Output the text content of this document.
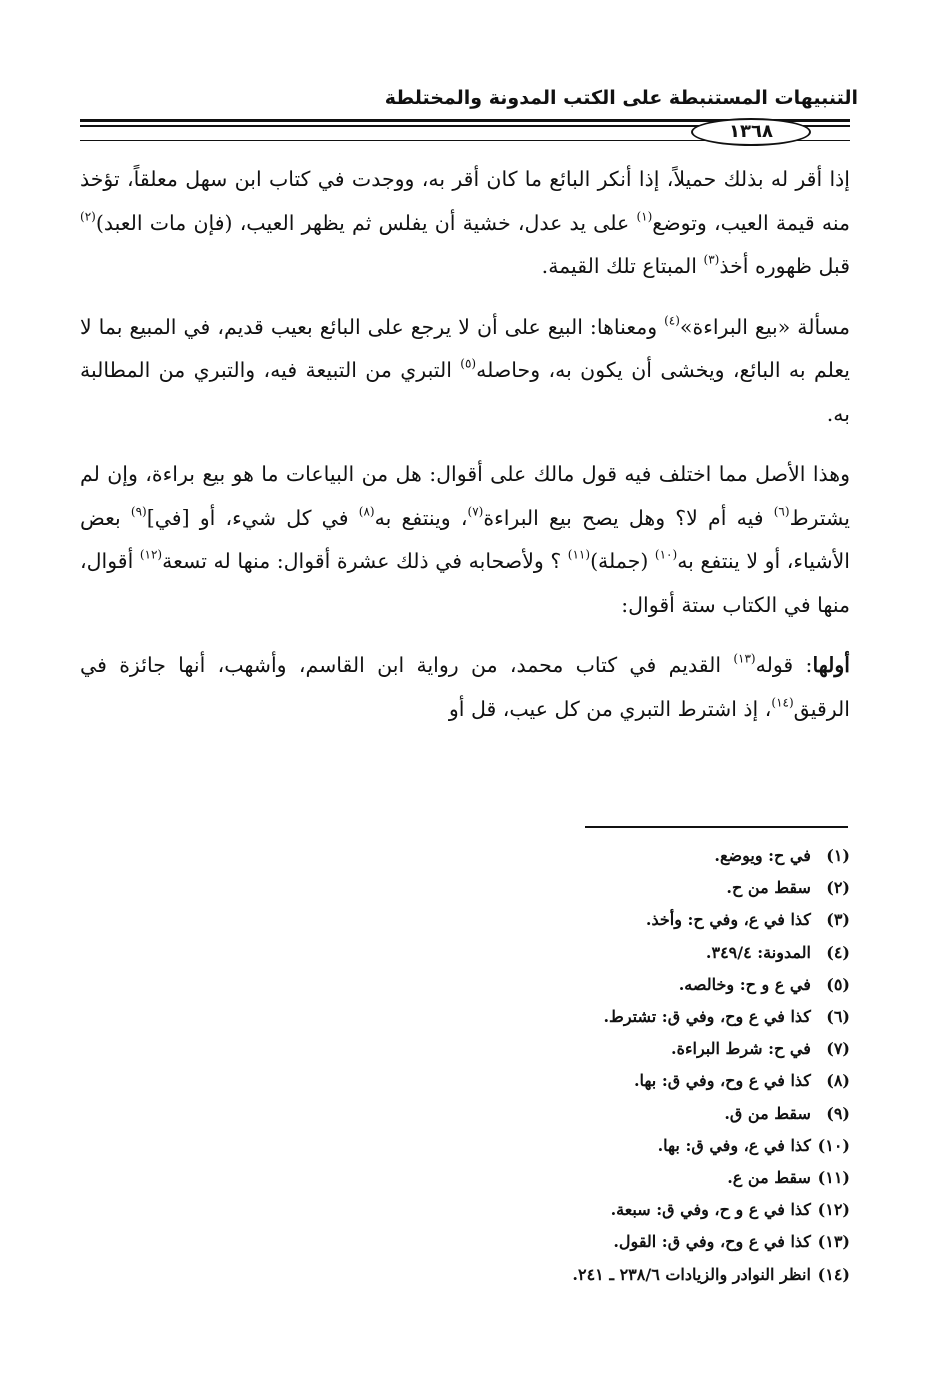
التنبيهات المستنبطة على الكتب المدونة والمختلطة
١٣٦٨

إذا أقر له بذلك حميلاً، إذا أنكر البائع ما كان أقر به، ووجدت في كتاب ابن سهل معلقاً، تؤخذ منه قيمة العيب، وتوضع$^{(١)}$ على يد عدل، خشية أن يفلس ثم يظهر العيب، (فإن مات العبد)$^{(٢)}$ قبل ظهوره أخذ$^{(٣)}$ المبتاع تلك القيمة.

مسألة «بيع البراءة»$^{(٤)}$ ومعناها: البيع على أن لا يرجع على البائع بعيب قديم، في المبيع بما لا يعلم به البائع، ويخشى أن يكون به، وحاصله$^{(٥)}$ التبري من التبيعة فيه، والتبري من المطالبة به.

وهذا الأصل مما اختلف فيه قول مالك على أقوال: هل من البياعات ما هو بيع براءة، وإن لم يشترط$^{(٦)}$ فيه أم لا؟ وهل يصح بيع البراءة$^{(٧)}$، وينتفع به$^{(٨)}$ في كل شيء، أو [في]$^{(٩)}$ بعض الأشياء، أو لا ينتفع به$^{(١٠)}$ (جملة)$^{(١١)}$ ؟ ولأصحابه في ذلك عشرة أقوال: منها له تسعة$^{(١٢)}$ أقوال، منها في الكتاب ستة أقوال:

أولها: قوله$^{(١٣)}$ القديم في كتاب محمد، من رواية ابن القاسم، وأشهب، أنها جائزة في الرقيق$^{(١٤)}$، إذ اشترط التبري من كل عيب، قل أو

(١) في ح: ويوضع.
(٢) سقط من ح.
(٣) كذا في ع، وفي ح: وأخذ.
(٤) المدونة: ٣٤٩/٤.
(٥) في ع و ح: وخالصه.
(٦) كذا في ع وح، وفي ق: تشترط.
(٧) في ح: شرط البراءة.
(٨) كذا في ع وح، وفي ق: بها.
(٩) سقط من ق.
(١٠) كذا في ع، وفي ق: بها.
(١١) سقط من ع.
(١٢) كذا في ع و ح، وفي ق: سبعة.
(١٣) كذا في ع وح، وفي ق: القول.
(١٤) انظر النوادر والزيادات ٢٣٨/٦ ـ ٢٤١.
